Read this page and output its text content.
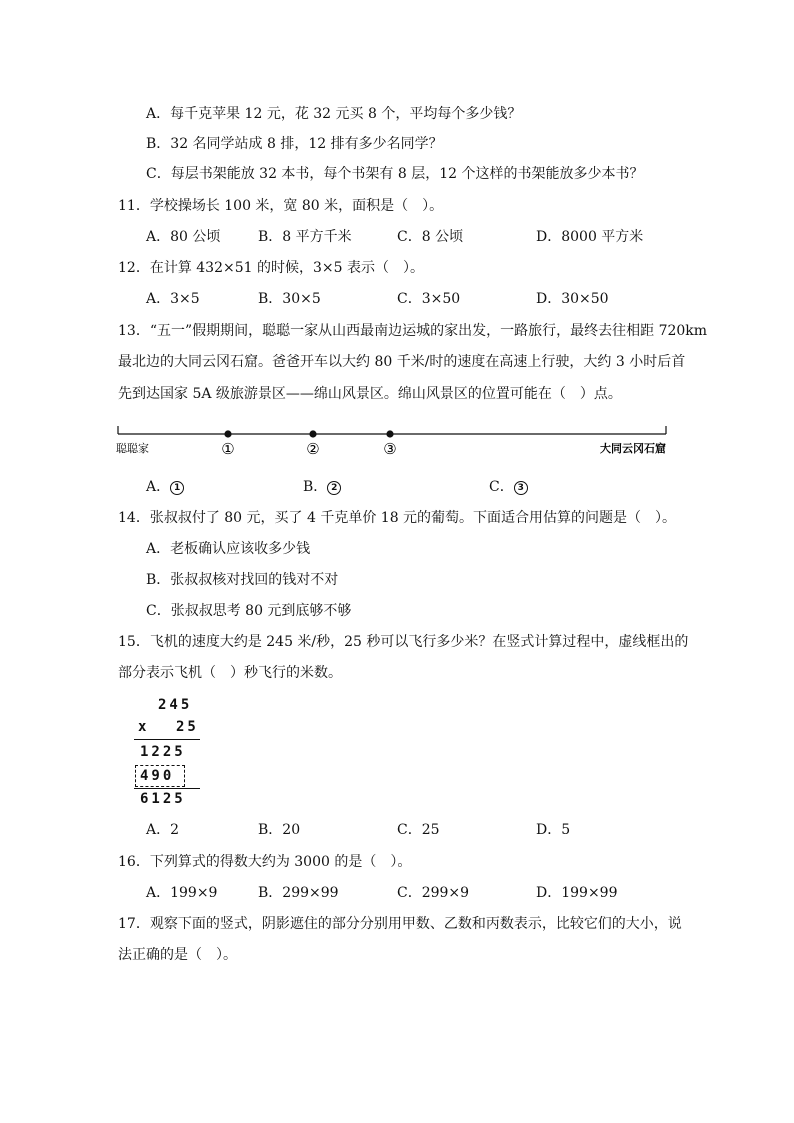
A．每千克苹果 12 元，花 32 元买 8 个，平均每个多少钱？
B．32 名同学站成 8 排，12 排有多少名同学？
C．每层书架能放 32 本书，每个书架有 8 层，12 个这样的书架能放多少本书？
11．学校操场长 100 米，宽 80 米，面积是（　）。
A．80 公顷	B．8 平方千米	C．8 公顷	D．8000 平方米
12．在计算 432×51 的时候，3×5 表示（　）。
A．3×5	B．30×5	C．3×50	D．30×50
13．“五一”假期期间，聪聪一家从山西最南边运城的家出发，一路旅行，最终去往相距 720km
最北边的大同云冈石窟。爸爸开车以大约 80 千米/时的速度在高速上行驶，大约 3 小时后首
先到达国家 5A 级旅游景区——绵山风景区。绵山风景区的位置可能在（　）点。
聪聪家	①	②	③	大同云冈石窟
A． 1	B． 2	C． 3
14．张叔叔付了 80 元，买了 4 千克单价 18 元的葡萄。下面适合用估算的问题是（　）。
A．老板确认应该收多少钱
B．张叔叔核对找回的钱对不对
C．张叔叔思考 80 元到底够不够
15．飞机的速度大约是 245 米/秒，25 秒可以飞行多少米？在竖式计算过程中，虚线框出的
部分表示飞机（　）秒飞行的米数。
245
x 25
1225
490
6125
A．2	B．20	C．25	D．5
16．下列算式的得数大约为 3000 的是（　）。
A．199×9	B．299×99	C．299×9	D．199×99
17．观察下面的竖式，阴影遮住的部分分别用甲数、乙数和丙数表示，比较它们的大小，说
法正确的是（　）。
